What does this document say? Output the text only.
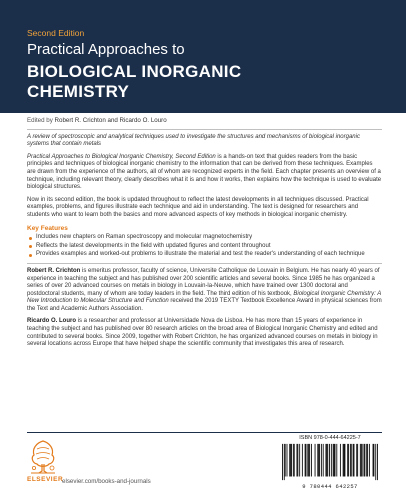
Second Edition
Practical Approaches to
BIOLOGICAL INORGANIC
CHEMISTRY
Edited by Robert R. Crichton and Ricardo O. Louro

A review of spectroscopic and analytical techniques used to investigate the structures and mechanisms of biological inorganic systems that contain metals

Practical Approaches to Biological Inorganic Chemistry, Second Edition is a hands-on text that guides readers from the basic principles and techniques of biological inorganic chemistry to the information that can be derived from these techniques. Examples are drawn from the experience of the authors, all of whom are recognized experts in the field. Each chapter presents an overview of a technique, including relevant theory, clearly describes what it is and how it works, then explains how the technique is used to evaluate biological structures.

Now in its second edition, the book is updated throughout to reflect the latest developments in all techniques discussed. Practical examples, problems, and figures illustrate each technique and aid in understanding. The text is designed for researchers and students who want to learn both the basics and more advanced aspects of key methods in biological inorganic chemistry.

Key Features
Includes new chapters on Raman spectroscopy and molecular magnetochemistry
Reflects the latest developments in the field with updated figures and content throughout
Provides examples and worked-out problems to illustrate the material and test the reader's understanding of each technique

Robert R. Crichton is emeritus professor, faculty of science, Universite Catholique de Louvain in Belgium. He has nearly 40 years of experience in teaching the subject and has published over 200 scientific articles and several books. Since 1985 he has organized a series of over 20 advanced courses on metals in biology in Louvain-la-Neuve, which have trained over 1300 doctoral and postdoctoral students, many of whom are today leaders in the field. The third edition of his textbook, Biological Inorganic Chemistry: A New Introduction to Molecular Structure and Function received the 2019 TEXTY Textbook Excellence Award in physical sciences from the Text and Academic Authors Association.

Ricardo O. Louro is a researcher and professor at Universidade Nova de Lisboa. He has more than 15 years of experience in teaching the subject and has published over 80 research articles on the broad area of Biological Inorganic Chemistry and edited and contributed to several books. Since 2009, together with Robert Crichton, he has organized advanced courses on metals in biology in several locations across Europe that have helped shape the scientific community that investigates this area of research.

ELSEVIER
elsevier.com/books-and-journals
ISBN 978-0-444-64225-7
9 780444 642257
